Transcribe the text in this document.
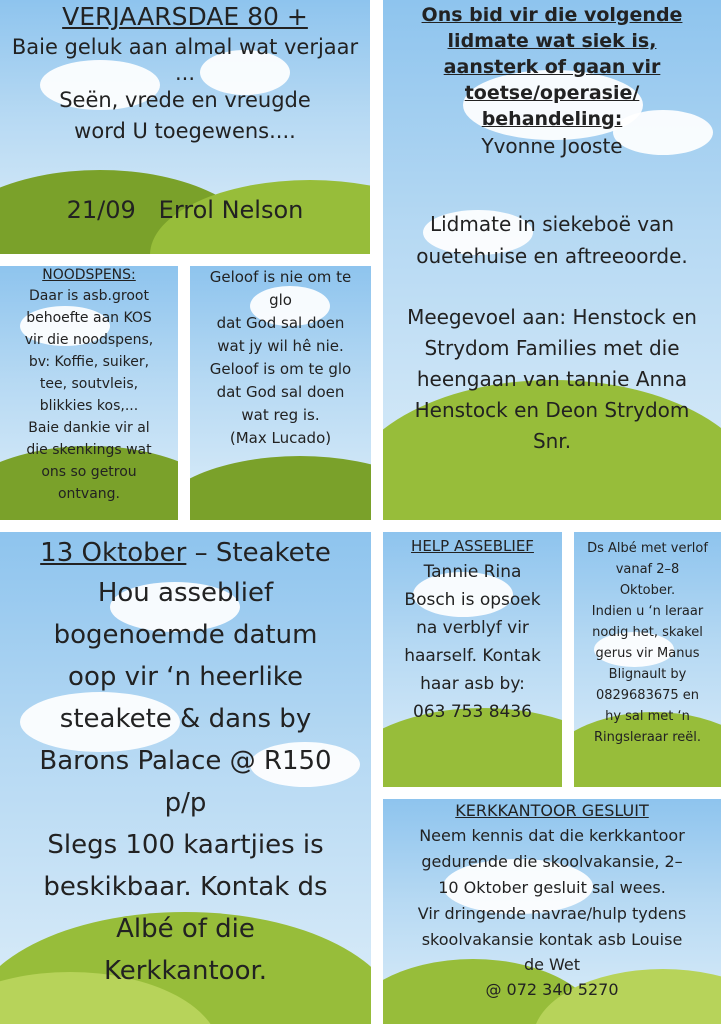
VERJAARSDAE 80 +
Baie geluk aan almal wat verjaar
...
Seën, vrede en vreugde
word U toegewens....
21/09   Errol Nelson
Ons bid vir die volgende
lidmate wat siek is,
aansterk of gaan vir
toetse/operasie/
behandeling:
Yvonne Jooste
Lidmate in siekeboë van
ouetehuise en aftreeoorde.
Meegevoel aan: Henstock en
Strydom Families met die
heengaan van tannie Anna
Henstock en Deon Strydom
Snr.
NOODSPENS:
Daar is asb.groot
behoefte aan KOS
vir die noodspens,
bv: Koffie, suiker,
tee, soutvleis,
blikkies kos,...
Baie dankie vir al
die skenkings wat
ons so getrou
ontvang.
Geloof is nie om te
glo
dat God sal doen
wat jy wil hê nie.
Geloof is om te glo
dat God sal doen
wat reg is.
(Max Lucado)
13 Oktober – Steakete
Hou asseblief
bogenoemde datum
oop vir ‘n heerlike
steakete & dans by
Barons Palace @ R150
p/p
Slegs 100 kaartjies is
beskikbaar. Kontak ds
Albé of die
Kerkkantoor.
HELP ASSEBLIEF
Tannie Rina
Bosch is opsoek
na verblyf vir
haarself. Kontak
haar asb by:
063 753 8436
Ds Albé met verlof
vanaf 2–8
Oktober.
Indien u ‘n leraar
nodig het, skakel
gerus vir Manus
Blignault by
0829683675 en
hy sal met ‘n
Ringsleraar reël.
KERKKANTOOR GESLUIT
Neem kennis dat die kerkkantoor
gedurende die skoolvakansie, 2–
10 Oktober gesluit sal wees.
Vir dringende navrae/hulp tydens
skoolvakansie kontak asb Louise
de Wet
@ 072 340 5270
